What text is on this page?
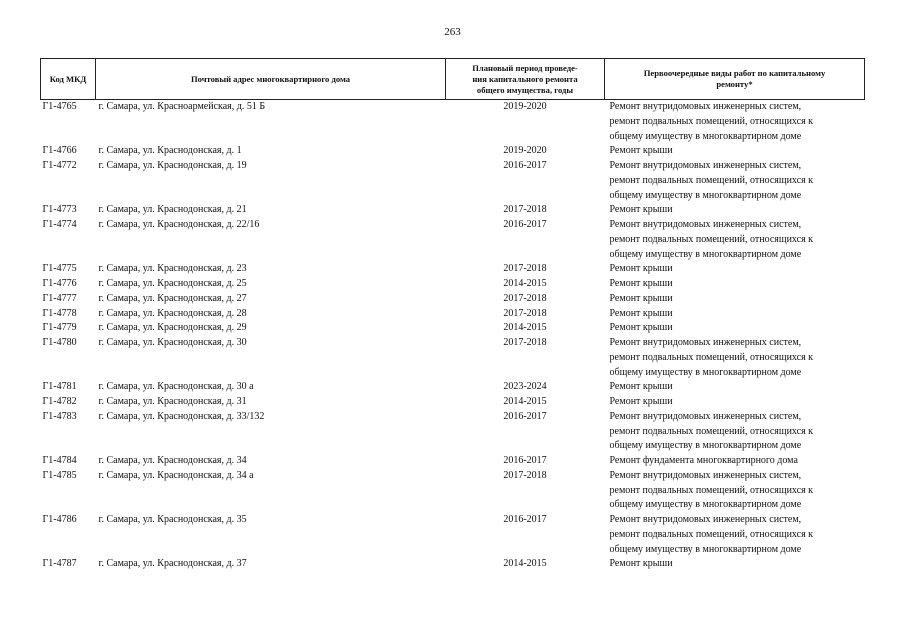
263
Код МКД	Почтовый адрес многоквартирного дома	Плановый период проведе-
ния капитального ремонта
общего имущества, годы	Первоочередные виды работ по капитальному
ремонту*

Г1-4765	г. Самара, ул. Красноармейская, д. 51 Б	2019-2020	Ремонт внутридомовых инженерных систем,
ремонт подвальных помещений, относящихся к
общему имуществу в многоквартирном доме

Г1-4766	г. Самара, ул. Краснодонская, д. 1	2019-2020	Ремонт крыши

Г1-4772	г. Самара, ул. Краснодонская, д. 19	2016-2017	Ремонт внутридомовых инженерных систем,
ремонт подвальных помещений, относящихся к
общему имуществу в многоквартирном доме

Г1-4773	г. Самара, ул. Краснодонская, д. 21	2017-2018	Ремонт крыши

Г1-4774	г. Самара, ул. Краснодонская, д. 22/16	2016-2017	Ремонт внутридомовых инженерных систем,
ремонт подвальных помещений, относящихся к
общему имуществу в многоквартирном доме

Г1-4775	г. Самара, ул. Краснодонская, д. 23	2017-2018	Ремонт крыши

Г1-4776	г. Самара, ул. Краснодонская, д. 25	2014-2015	Ремонт крыши

Г1-4777	г. Самара, ул. Краснодонская, д. 27	2017-2018	Ремонт крыши

Г1-4778	г. Самара, ул. Краснодонская, д. 28	2017-2018	Ремонт крыши

Г1-4779	г. Самара, ул. Краснодонская, д. 29	2014-2015	Ремонт крыши

Г1-4780	г. Самара, ул. Краснодонская, д. 30	2017-2018	Ремонт внутридомовых инженерных систем,
ремонт подвальных помещений, относящихся к
общему имуществу в многоквартирном доме

Г1-4781	г. Самара, ул. Краснодонская, д. 30 а	2023-2024	Ремонт крыши

Г1-4782	г. Самара, ул. Краснодонская, д. 31	2014-2015	Ремонт крыши

Г1-4783	г. Самара, ул. Краснодонская, д. 33/132	2016-2017	Ремонт внутридомовых инженерных систем,
ремонт подвальных помещений, относящихся к
общему имуществу в многоквартирном доме

Г1-4784	г. Самара, ул. Краснодонская, д. 34	2016-2017	Ремонт фундамента многоквартирного дома

Г1-4785	г. Самара, ул. Краснодонская, д. 34 а	2017-2018	Ремонт внутридомовых инженерных систем,
ремонт подвальных помещений, относящихся к
общему имуществу в многоквартирном доме

Г1-4786	г. Самара, ул. Краснодонская, д. 35	2016-2017	Ремонт внутридомовых инженерных систем,
ремонт подвальных помещений, относящихся к
общему имуществу в многоквартирном доме

Г1-4787	г. Самара, ул. Краснодонская, д. 37	2014-2015	Ремонт крыши
